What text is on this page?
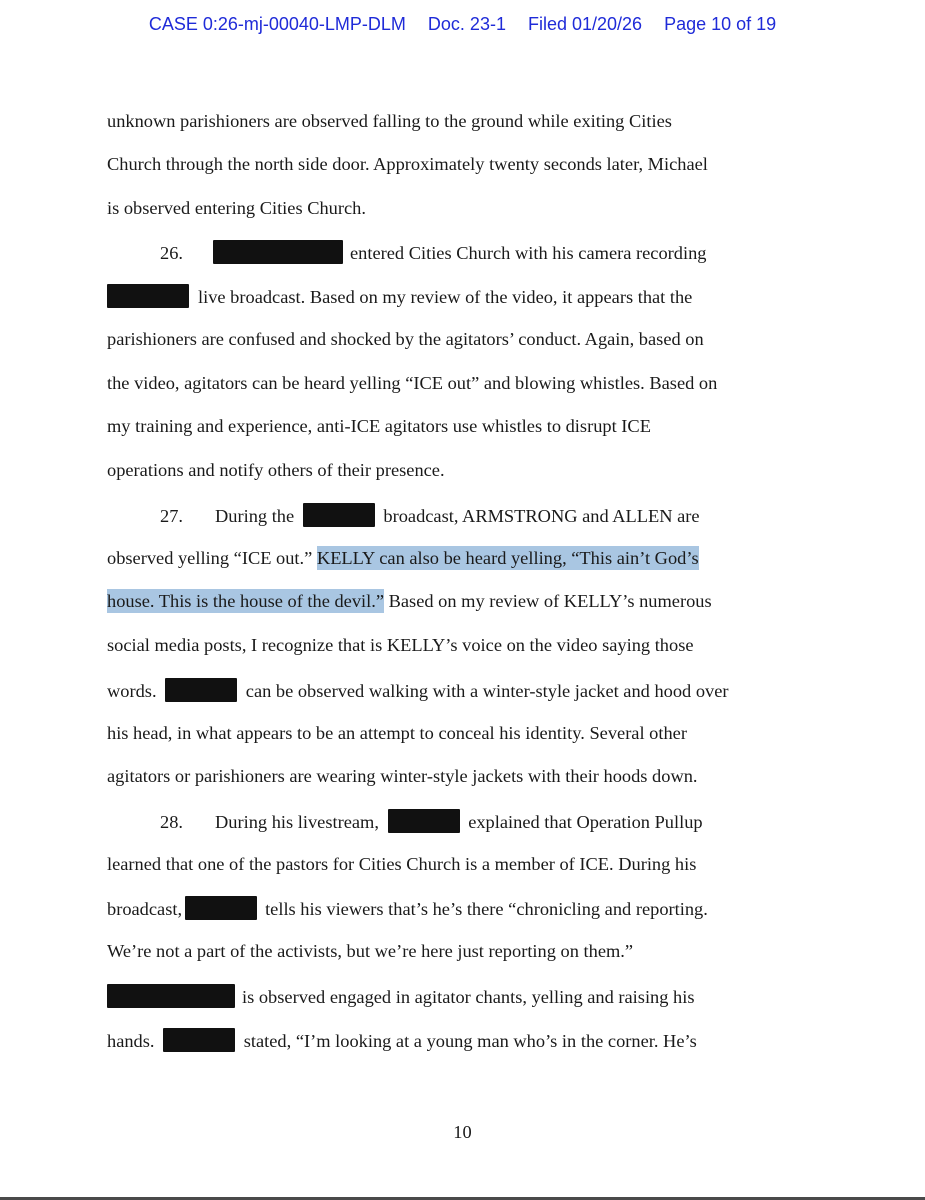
CASE 0:26-mj-00040-LMP-DLM Doc. 23-1 Filed 01/20/26 Page 10 of 19
unknown parishioners are observed falling to the ground while exiting Cities
Church through the north side door. Approximately twenty seconds later, Michael
is observed entering Cities Church.
26.	entered Cities Church with his camera recording
live broadcast. Based on my review of the video, it appears that the
parishioners are confused and shocked by the agitators’ conduct. Again, based on
the video, agitators can be heard yelling “ICE out” and blowing whistles. Based on
my training and experience, anti-ICE agitators use whistles to disrupt ICE
operations and notify others of their presence.
27. During the	broadcast, ARMSTRONG and ALLEN are
observed yelling “ICE out.” KELLY can also be heard yelling, “This ain’t God’s
house. This is the house of the devil.” Based on my review of KELLY’s numerous
social media posts, I recognize that is KELLY’s voice on the video saying those
words.	can be observed walking with a winter-style jacket and hood over
his head, in what appears to be an attempt to conceal his identity. Several other
agitators or parishioners are wearing winter-style jackets with their hoods down.
28. During his livestream,	explained that Operation Pullup
learned that one of the pastors for Cities Church is a member of ICE. During his
broadcast,	tells his viewers that’s he’s there “chronicling and reporting.
We’re not a part of the activists, but we’re here just reporting on them.”
is observed engaged in agitator chants, yelling and raising his
hands.	stated, “I’m looking at a young man who’s in the corner. He’s
10
